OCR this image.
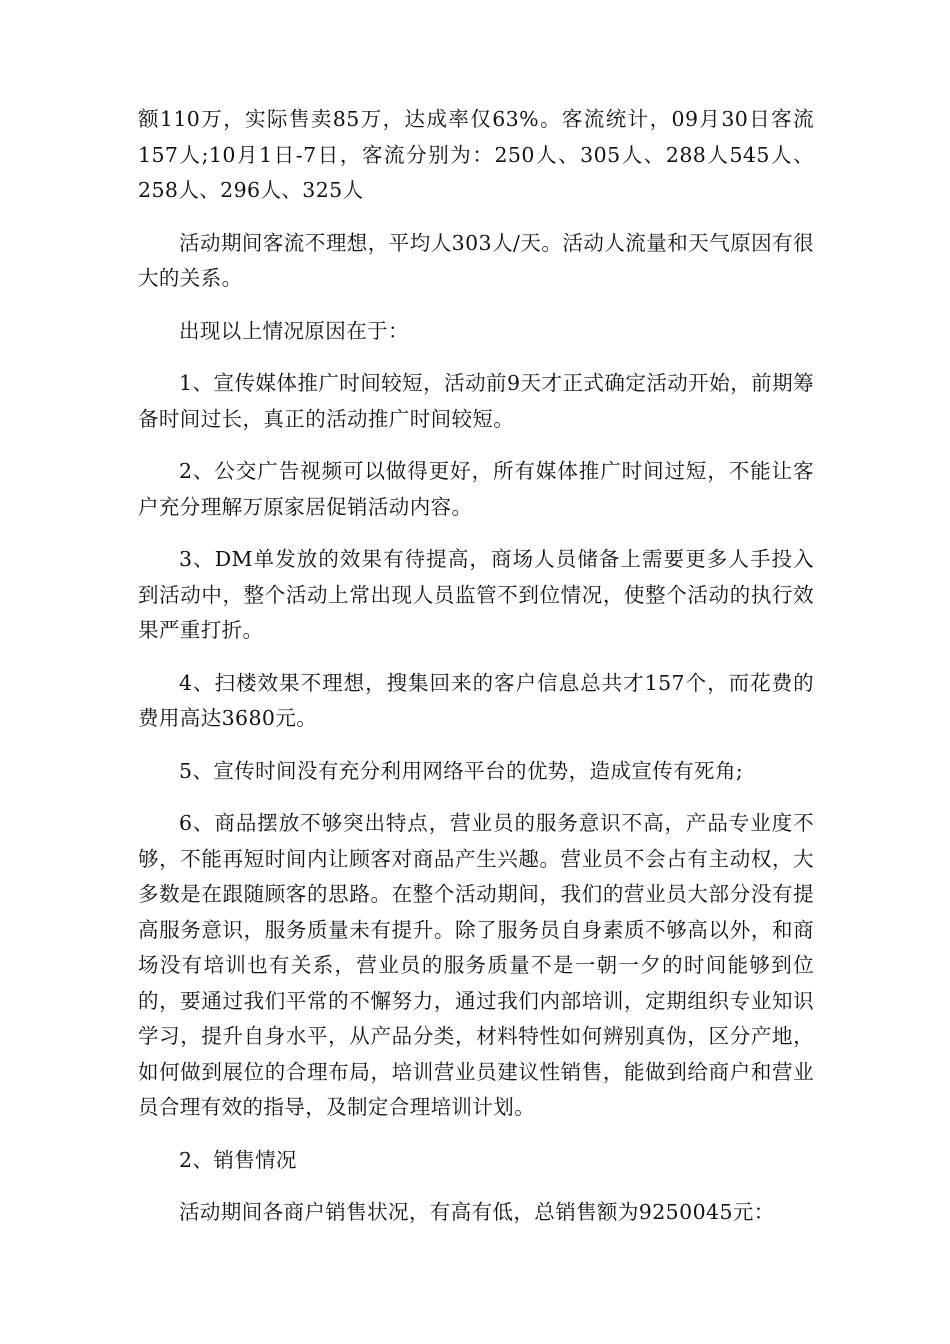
额110万，实际售卖85万，达成率仅63%。客流统计，09月30日客流157人;10月1日-7日，客流分别为：250人、305人、288人545人、258人、296人、325人

活动期间客流不理想，平均人303人/天。活动人流量和天气原因有很大的关系。

出现以上情况原因在于：

1、宣传媒体推广时间较短，活动前9天才正式确定活动开始，前期筹备时间过长，真正的活动推广时间较短。

2、公交广告视频可以做得更好，所有媒体推广时间过短，不能让客户充分理解万原家居促销活动内容。

3、DM单发放的效果有待提高，商场人员储备上需要更多人手投入到活动中，整个活动上常出现人员监管不到位情况，使整个活动的执行效果严重打折。

4、扫楼效果不理想，搜集回来的客户信息总共才157个，而花费的费用高达3680元。

5、宣传时间没有充分利用网络平台的优势，造成宣传有死角;

6、商品摆放不够突出特点，营业员的服务意识不高，产品专业度不够，不能再短时间内让顾客对商品产生兴趣。营业员不会占有主动权，大多数是在跟随顾客的思路。在整个活动期间，我们的营业员大部分没有提高服务意识，服务质量未有提升。除了服务员自身素质不够高以外，和商场没有培训也有关系，营业员的服务质量不是一朝一夕的时间能够到位的，要通过我们平常的不懈努力，通过我们内部培训，定期组织专业知识学习，提升自身水平，从产品分类，材料特性如何辨别真伪，区分产地，如何做到展位的合理布局，培训营业员建议性销售，能做到给商户和营业员合理有效的指导，及制定合理培训计划。

2、销售情况

活动期间各商户销售状况，有高有低，总销售额为9250045元：
